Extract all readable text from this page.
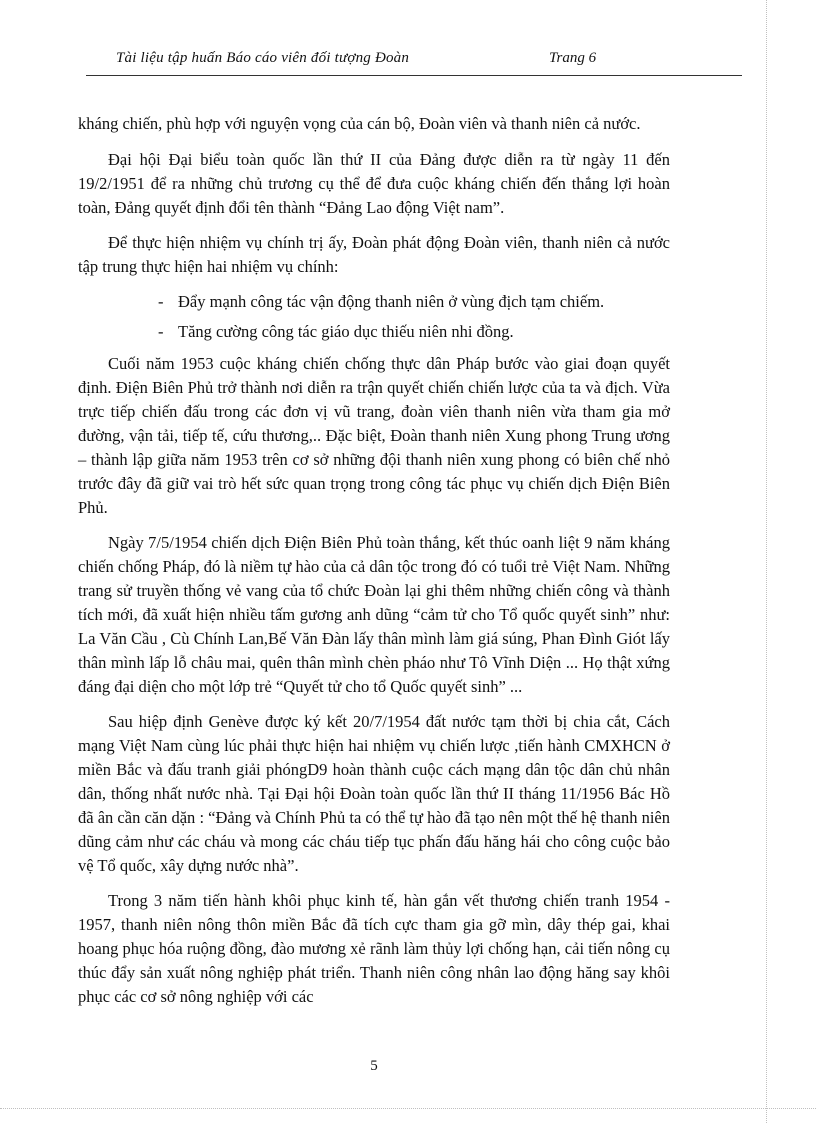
Tài liệu tập huấn Báo cáo viên đối tượng Đoàn	Trang 6

kháng chiến, phù hợp với nguyện vọng của cán bộ, Đoàn viên và thanh niên cả nước.

Đại hội Đại biểu toàn quốc lần thứ II của Đảng được diễn ra từ ngày 11 đến 19/2/1951 để ra những chủ trương cụ thể để đưa cuộc kháng chiến đến thắng lợi hoàn toàn, Đảng quyết định đổi tên thành “Đảng Lao động Việt nam”.

Để thực hiện nhiệm vụ chính trị ấy, Đoàn phát động Đoàn viên, thanh niên cả nước tập trung thực hiện hai nhiệm vụ chính:

- Đẩy mạnh công tác vận động thanh niên ở vùng địch tạm chiếm.
- Tăng cường công tác giáo dục thiếu niên nhi đồng.

Cuối năm 1953 cuộc kháng chiến chống thực dân Pháp bước vào giai đoạn quyết định. Điện Biên Phủ trở thành nơi diễn ra trận quyết chiến chiến lược của ta và địch. Vừa trực tiếp chiến đấu trong các đơn vị vũ trang, đoàn viên thanh niên vừa tham gia mở đường, vận tải, tiếp tế, cứu thương,.. Đặc biệt, Đoàn thanh niên Xung phong Trung ương – thành lập giữa năm 1953 trên cơ sở những đội thanh niên xung phong có biên chế nhỏ trước đây đã giữ vai trò hết sức quan trọng trong công tác phục vụ chiến dịch Điện Biên Phủ.

Ngày 7/5/1954 chiến dịch Điện Biên Phủ toàn thắng, kết thúc oanh liệt 9 năm kháng chiến chống Pháp, đó là niềm tự hào của cả dân tộc trong đó có tuổi trẻ Việt Nam. Những trang sử truyền thống vẻ vang của tổ chức Đoàn lại ghi thêm những chiến công và thành tích mới, đã xuất hiện nhiều tấm gương anh dũng “cảm tử cho Tổ quốc quyết sinh” như: La Văn Cầu , Cù Chính Lan,Bế Văn Đàn lấy thân mình làm giá súng, Phan Đình Giót lấy thân mình lấp lỗ châu mai, quên thân mình chèn pháo như Tô Vĩnh Diện ... Họ thật xứng đáng đại diện cho một lớp trẻ “Quyết tử cho tổ Quốc quyết sinh” ...

Sau hiệp định Genève được ký kết 20/7/1954 đất nước tạm thời bị chia cắt, Cách mạng Việt Nam cùng lúc phải thực hiện hai nhiệm vụ chiến lược ,tiến hành CMXHCN ở miền Bắc và đấu tranh giải phóngD9 hoàn thành cuộc cách mạng dân tộc dân chủ nhân dân, thống nhất nước nhà. Tại Đại hội Đoàn toàn quốc lần thứ II tháng 11/1956 Bác Hồ đã ân cần căn dặn : “Đảng và Chính Phủ ta có thể tự hào đã tạo nên một thế hệ thanh niên dũng cảm như các cháu và mong các cháu tiếp tục phấn đấu hăng hái cho công cuộc bảo vệ Tổ quốc, xây dựng nước nhà”.

Trong 3 năm tiến hành khôi phục kinh tế, hàn gắn vết thương chiến tranh 1954 - 1957, thanh niên nông thôn miền Bắc đã tích cực tham gia gỡ mìn, dây thép gai, khai hoang phục hóa ruộng đồng, đào mương xẻ rãnh làm thủy lợi chống hạn, cải tiến nông cụ thúc đẩy sản xuất nông nghiệp phát triển. Thanh niên công nhân lao động hăng say khôi phục các cơ sở nông nghiệp với các

5
